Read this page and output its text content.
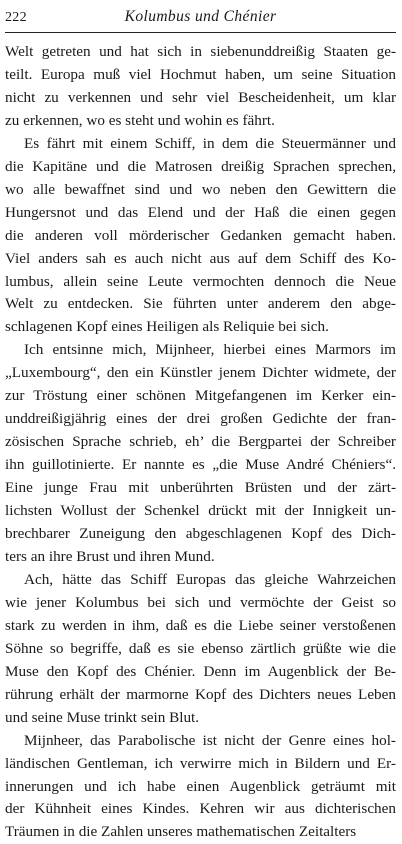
222	Kolumbus und Chénier

Welt getreten und hat sich in siebenunddreißig Staaten ge-
teilt. Europa muß viel Hochmut haben, um seine Situation
nicht zu verkennen und sehr viel Bescheidenheit, um klar
zu erkennen, wo es steht und wohin es fährt.

Es fährt mit einem Schiff, in dem die Steuermänner und
die Kapitäne und die Matrosen dreißig Sprachen sprechen,
wo alle bewaffnet sind und wo neben den Gewittern die
Hungersnot und das Elend und der Haß die einen gegen
die anderen voll mörderischer Gedanken gemacht haben.
Viel anders sah es auch nicht aus auf dem Schiff des Ko-
lumbus, allein seine Leute vermochten dennoch die Neue
Welt zu entdecken. Sie führten unter anderem den abge-
schlagenen Kopf eines Heiligen als Reliquie bei sich.

Ich entsinne mich, Mijnheer, hierbei eines Marmors im
„Luxembourg“, den ein Künstler jenem Dichter widmete, der
zur Tröstung einer schönen Mitgefangenen im Kerker ein-
unddreißigjährig eines der drei großen Gedichte der fran-
zösischen Sprache schrieb, eh’ die Bergpartei der Schreiber
ihn guillotinierte. Er nannte es „die Muse André Chéniers“.
Eine junge Frau mit unberührten Brüsten und der zärt-
lichsten Wollust der Schenkel drückt mit der Innigkeit un-
brechbarer Zuneigung den abgeschlagenen Kopf des Dich-
ters an ihre Brust und ihren Mund.

Ach, hätte das Schiff Europas das gleiche Wahrzeichen
wie jener Kolumbus bei sich und vermöchte der Geist so
stark zu werden in ihm, daß es die Liebe seiner verstoßenen
Söhne so begriffe, daß es sie ebenso zärtlich grüßte wie die
Muse den Kopf des Chénier. Denn im Augenblick der Be-
rührung erhält der marmorne Kopf des Dichters neues Leben
und seine Muse trinkt sein Blut.

Mijnheer, das Parabolische ist nicht der Genre eines hol-
ländischen Gentleman, ich verwirre mich in Bildern und Er-
innerungen und ich habe einen Augenblick geträumt mit
der Kühnheit eines Kindes. Kehren wir aus dichterischen
Träumen in die Zahlen unseres mathematischen Zeitalters
